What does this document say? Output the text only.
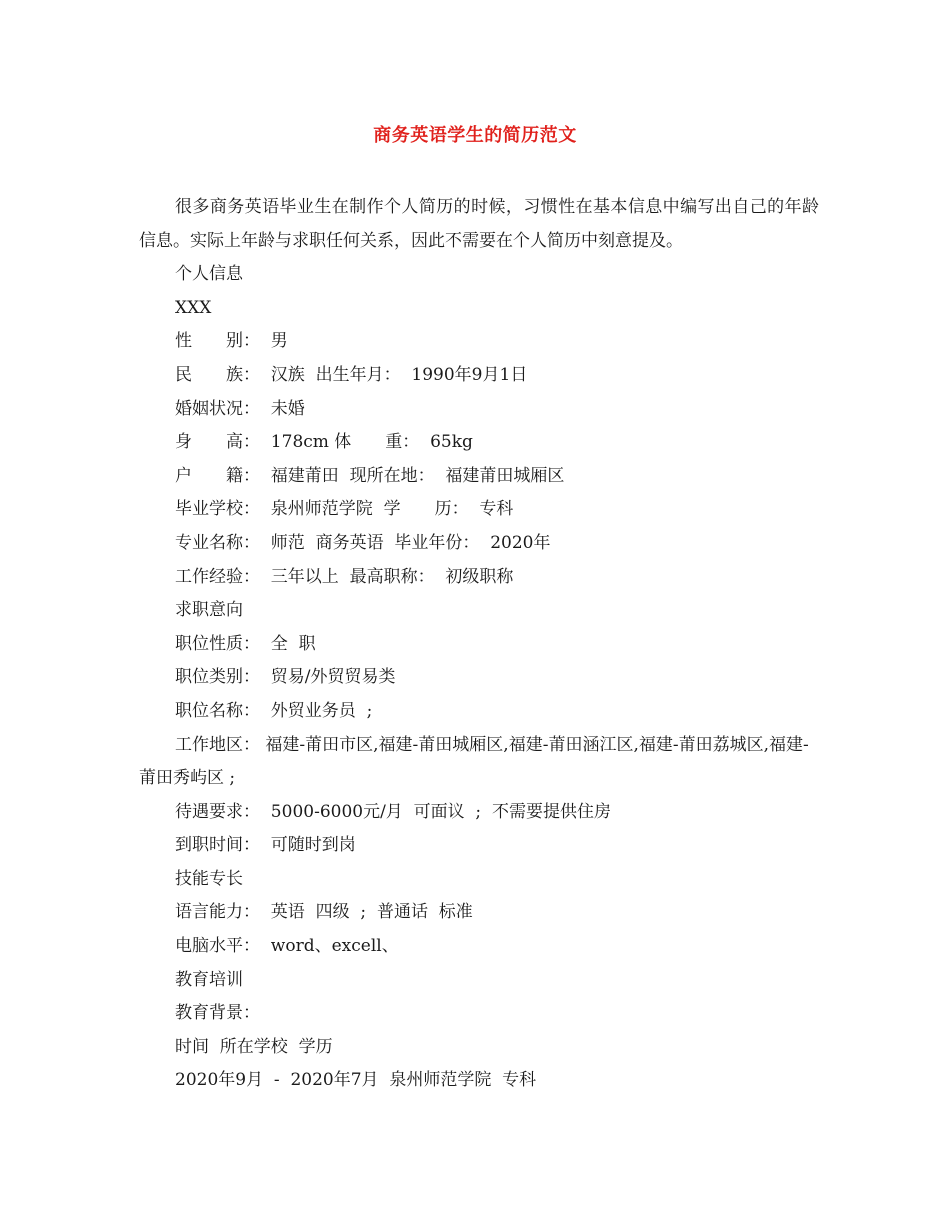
商务英语学生的简历范文

很多商务英语毕业生在制作个人简历的时候，习惯性在基本信息中编写出自己的年龄信息。实际上年龄与求职任何关系，因此不需要在个人简历中刻意提及。

个人信息

XXX

性　　别：  男

民　　族：  汉族  出生年月：  1990年9月1日

婚姻状况：  未婚

身　　高：  178cm 体　　重：  65kg

户　　籍：  福建莆田  现所在地：  福建莆田城厢区

毕业学校：  泉州师范学院  学　　历：  专科

专业名称：  师范  商务英语  毕业年份：  2020年

工作经验：  三年以上  最高职称：  初级职称

求职意向

职位性质：  全  职

职位类别：  贸易/外贸贸易类

职位名称：  外贸业务员  ;

工作地区： 福建-莆田市区,福建-莆田城厢区,福建-莆田涵江区,福建-莆田荔城区,福建-莆田秀屿区 ;

待遇要求：  5000-6000元/月  可面议  ;  不需要提供住房

到职时间：  可随时到岗

技能专长

语言能力：  英语  四级  ;  普通话  标准

电脑水平：  word、excell、

教育培训

教育背景：

时间  所在学校  学历

2020年9月  -  2020年7月  泉州师范学院  专科
